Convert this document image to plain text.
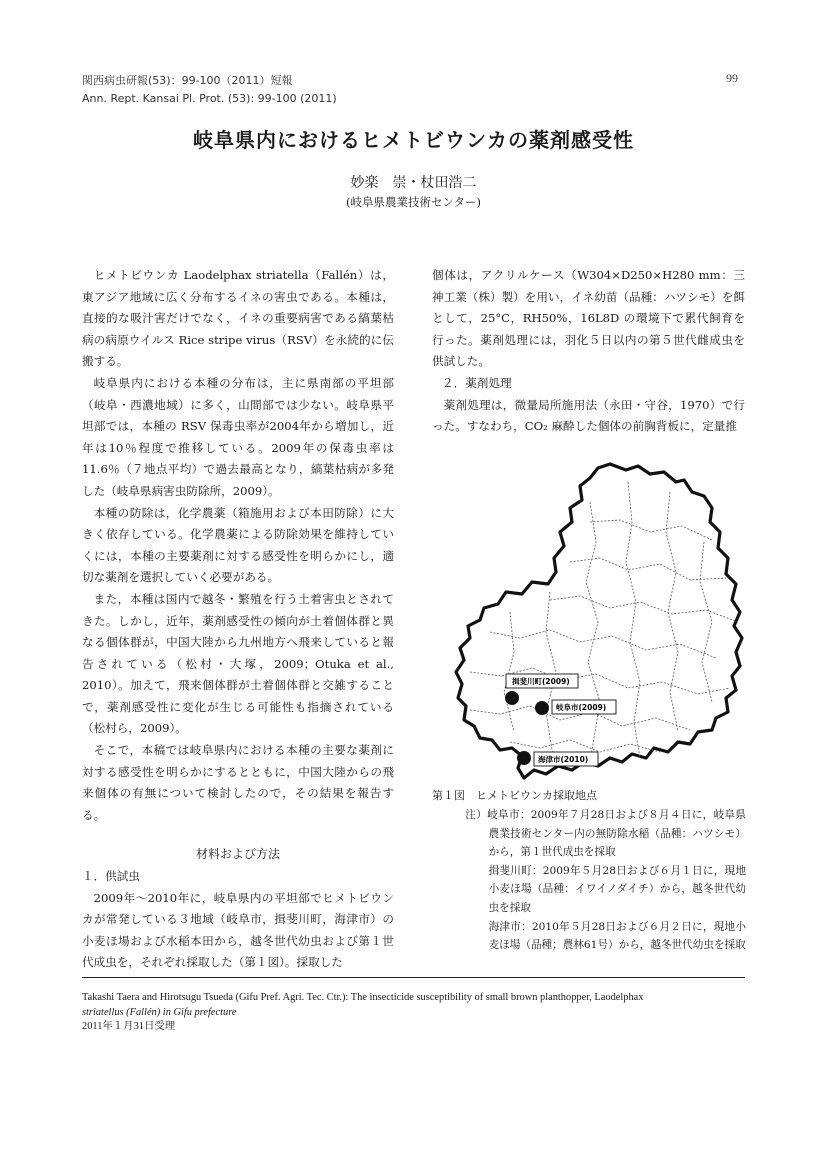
関西病虫研報(53)：99-100（2011）短報
Ann. Rept. Kansai Pl. Prot. (53): 99-100 (2011)
99
岐阜県内におけるヒメトビウンカの薬剤感受性
妙楽　崇・杖田浩二
(岐阜県農業技術センター)

ヒメトビウンカ Laodelphax striatella（Fallén）は，東アジア地域に広く分布するイネの害虫である。本種は，直接的な吸汁害だけでなく，イネの重要病害である縞葉枯病の病原ウイルス Rice stripe virus（RSV）を永続的に伝搬する。

岐阜県内における本種の分布は，主に県南部の平坦部（岐阜・西濃地域）に多く，山間部では少ない。岐阜県平坦部では，本種の RSV 保毒虫率が2004年から増加し，近年は10％程度で推移している。2009年の保毒虫率は11.6％（７地点平均）で過去最高となり，縞葉枯病が多発した（岐阜県病害虫防除所，2009）。

本種の防除は，化学農薬（箱施用および本田防除）に大きく依存している。化学農薬による防除効果を維持していくには，本種の主要薬剤に対する感受性を明らかにし，適切な薬剤を選択していく必要がある。

また，本種は国内で越冬・繁殖を行う土着害虫とされてきた。しかし，近年，薬剤感受性の傾向が土着個体群と異なる個体群が，中国大陸から九州地方へ飛来していると報告されている（松村・大塚，2009；Otuka et al., 2010）。加えて，飛来個体群が土着個体群と交雑することで，薬剤感受性に変化が生じる可能性も指摘されている（松村ら，2009）。

そこで，本稿では岐阜県内における本種の主要な薬剤に対する感受性を明らかにするとともに，中国大陸からの飛来個体の有無について検討したので，その結果を報告する。

材料および方法

１．供試虫

2009年～2010年に，岐阜県内の平坦部でヒメトビウンカが常発している３地域（岐阜市，揖斐川町，海津市）の小麦ほ場および水稲本田から，越冬世代幼虫および第１世代成虫を，それぞれ採取した（第１図）。採取した

個体は，アクリルケース（W304×D250×H280 mm：三神工業（株）製）を用い，イネ幼苗（品種：ハツシモ）を餌として，25°C，RH50%，16L8D の環境下で累代飼育を行った。薬剤処理には，羽化５日以内の第５世代雌成虫を供試した。

２．薬剤処理

薬剤処理は，微量局所施用法（永田・守谷，1970）で行った。すなわち，CO₂ 麻酔した個体の前胸背板に，定量推

揖斐川町(2009)
岐阜市(2009)
海津市(2010)
第１図　ヒメトビウンカ採取地点
注）岐阜市：2009年７月28日および８月４日に，岐阜県農業技術センター内の無防除水稲（品種：ハツシモ）から，第１世代成虫を採取
揖斐川町：2009年５月28日および６月１日に，現地小麦ほ場（品種：イワイノダイチ）から，越冬世代幼虫を採取
海津市：2010年５月28日および６月２日に，現地小麦ほ場（品種；農林61号）から，越冬世代幼虫を採取
Takashi Taera and Hirotsugu Tsueda (Gifu Pref. Agri. Tec. Ctr.): The insecticide susceptibility of small brown planthopper, Laodelphax
striatellus (Fallén) in Gifu prefecture
2011年１月31日受理
